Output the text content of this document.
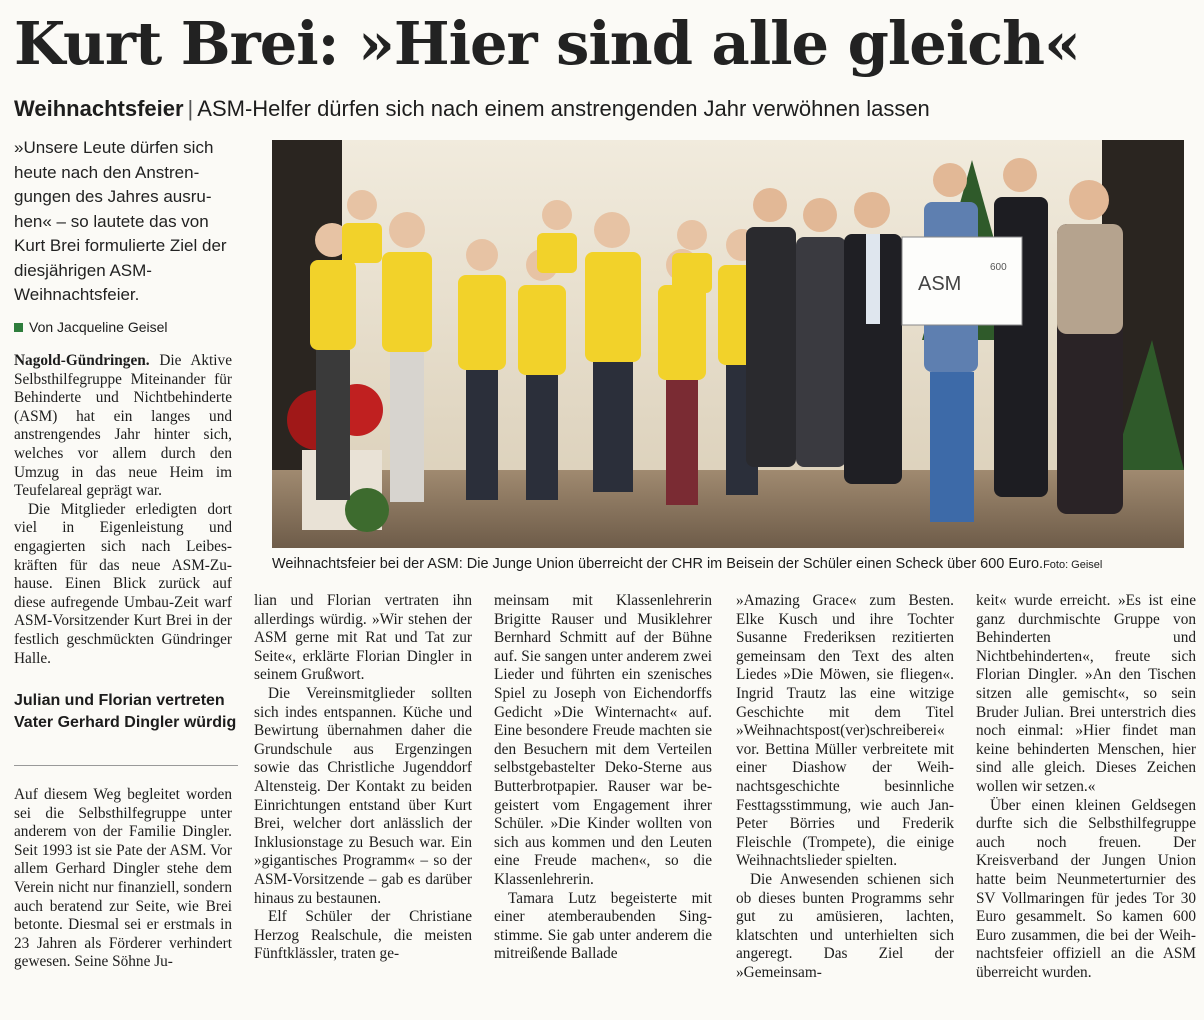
Kurt Brei: »Hier sind alle gleich«
Weihnachtsfeier | ASM-Helfer dürfen sich nach einem anstrengenden Jahr verwöhnen lassen
»Unsere Leute dürfen sich heute nach den Anstrengungen des Jahres ausruhen« – so lautete das von Kurt Brei formulierte Ziel der diesjährigen ASM-Weihnachtsfeier.
Von Jacqueline Geisel

Nagold-Gündringen. Die Aktive Selbsthilfegruppe Miteinander für Behinderte und Nichtbehinderte (ASM) hat ein langes und anstrengendes Jahr hinter sich, welches vor allem durch den Umzug in das neue Heim im Teufelareal geprägt war.

Die Mitglieder erledigten dort viel in Eigenleistung und engagierten sich nach Leibeskräften für das neue ASM-Zuhause. Einen Blick zurück auf diese aufregende Umbau-Zeit warf ASM-Vorsitzender Kurt Brei in der festlich geschmückten Gündringer Halle.

Julian und Florian vertreten Vater Gerhard Dingler würdig

Auf diesem Weg begleitet worden sei die Selbsthilfegruppe unter anderem von der Familie Dingler. Seit 1993 ist sie Pate der ASM. Vor allem Gerhard Dingler stehe dem Verein nicht nur finanziell, sondern auch beratend zur Seite, wie Brei betonte. Diesmal sei er erstmals in 23 Jahren als Förderer verhindert gewesen. Seine Söhne Ju-

ASM
600
Weihnachtsfeier bei der ASM: Die Junge Union überreicht der CHR im Beisein der Schüler einen Scheck über 600 Euro.Foto: Geisel

lian und Florian vertraten ihn allerdings würdig. »Wir stehen der ASM gerne mit Rat und Tat zur Seite«, erklärte Florian Dingler in seinem Grußwort.

Die Vereinsmitglieder sollten sich indes entspannen. Küche und Bewirtung übernahmen daher die Grundschule aus Ergenzingen sowie das Christliche Jugenddorf Altensteig. Der Kontakt zu beiden Einrichtungen entstand über Kurt Brei, welcher dort anlässlich der Inklusionstage zu Besuch war. Ein »gigantisches Programm« – so der ASM-Vorsitzende – gab es darüber hinaus zu bestaunen.

Elf Schüler der Christiane Herzog Realschule, die meisten Fünftklässler, traten ge-

meinsam mit Klassenlehrerin Brigitte Rauser und Musiklehrer Bernhard Schmitt auf der Bühne auf. Sie sangen unter anderem zwei Lieder und führten ein szenisches Spiel zu Joseph von Eichendorffs Gedicht »Die Winternacht« auf. Eine besondere Freude machten sie den Besuchern mit dem Verteilen selbstgebastelter Deko-Sterne aus Butterbrotpapier. Rauser war begeistert vom Engagement ihrer Schüler. »Die Kinder wollten von sich aus kommen und den Leuten eine Freude machen«, so die Klassenlehrerin.

Tamara Lutz begeisterte mit einer atemberaubenden Singstimme. Sie gab unter anderem die mitreißende Ballade

»Amazing Grace« zum Besten. Elke Kusch und ihre Tochter Susanne Frederiksen rezitierten gemeinsam den Text des alten Liedes »Die Möwen, sie fliegen«. Ingrid Trautz las eine witzige Geschichte mit dem Titel »Weihnachtspost(ver)schreiberei« vor. Bettina Müller verbreitete mit einer Diashow der Weihnachtsgeschichte besinnliche Festtagsstimmung, wie auch Jan-Peter Börries und Frederik Fleischle (Trompete), die einige Weihnachtslieder spielten.

Die Anwesenden schienen sich ob dieses bunten Programms sehr gut zu amüsieren, lachten, klatschten und unterhielten sich angeregt. Das Ziel der »Gemeinsam-

keit« wurde erreicht. »Es ist eine ganz durchmischte Gruppe von Behinderten und Nichtbehinderten«, freute sich Florian Dingler. »An den Tischen sitzen alle gemischt«, so sein Bruder Julian. Brei unterstrich dies noch einmal: »Hier findet man keine behinderten Menschen, hier sind alle gleich. Dieses Zeichen wollen wir setzen.«

Über einen kleinen Geldsegen durfte sich die Selbsthilfegruppe auch noch freuen. Der Kreisverband der Jungen Union hatte beim Neunmeterturnier des SV Vollmaringen für jedes Tor 30 Euro gesammelt. So kamen 600 Euro zusammen, die bei der Weihnachtsfeier offiziell an die ASM überreicht wurden.
